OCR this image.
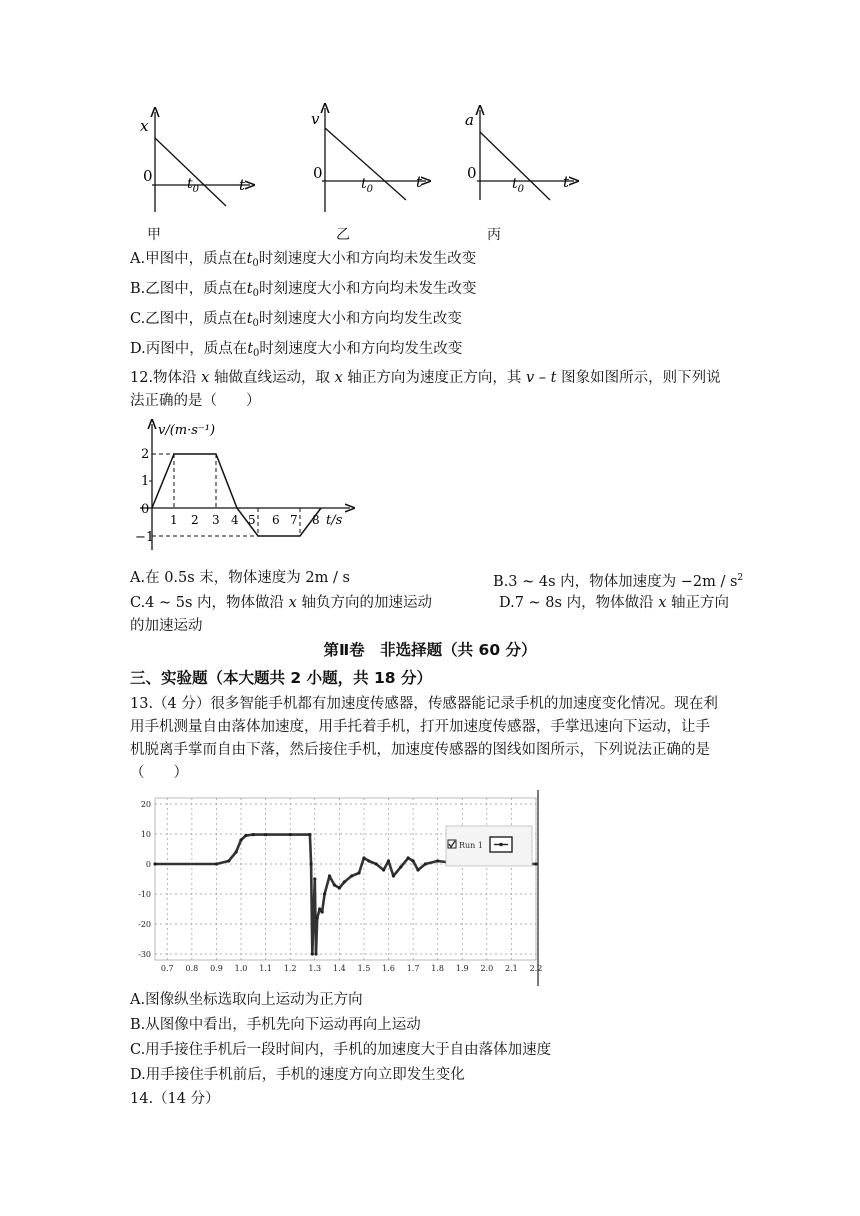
x
0	t
$t_0$
v
0	t
$t_0$
a
0	t
$t_0$
甲	乙	丙
A.甲图中，质点在$t_0$时刻速度大小和方向均未发生改变
B.乙图中，质点在$t_0$时刻速度大小和方向均未发生改变
C.乙图中，质点在$t_0$时刻速度大小和方向均发生改变
D.丙图中，质点在$t_0$时刻速度大小和方向均发生改变
12.物体沿 x 轴做直线运动，取 x 轴正方向为速度正方向，其 v – t 图象如图所示，则下列说
法正确的是（　　）
v/(m·s⁻¹)
t/s
2
1
0
−1
1 2 3 4 5 6 7 8
A.在 0.5s 末，物体速度为 2m / s	B.3 ~ 4s 内，物体加速度为 $-2m / s^2$
C.4 ~ 5s 内，物体做沿 x 轴负方向的加速运动	D.7 ~ 8s 内，物体做沿 x 轴正方向
的加速运动
第Ⅱ卷　非选择题（共 60 分）
三、实验题（本大题共 2 小题，共 18 分）
13.（4 分）很多智能手机都有加速度传感器，传感器能记录手机的加速度变化情况。现在利
用手机测量自由落体加速度，用手托着手机，打开加速度传感器，手掌迅速向下运动，让手
机脱离手掌而自由下落，然后接住手机，加速度传感器的图线如图所示，下列说法正确的是
（　　）
20
10
0
-10
-20
-30
0.7 0.8 0.9 1.0 1.1 1.2 1.3 1.4 1.5 1.6 1.7 1.8 1.9 2.0 2.1 2.2
Run 1
A.图像纵坐标选取向上运动为正方向
B.从图像中看出，手机先向下运动再向上运动
C.用手接住手机后一段时间内，手机的加速度大于自由落体加速度
D.用手接住手机前后，手机的速度方向立即发生变化
14.（14 分）
